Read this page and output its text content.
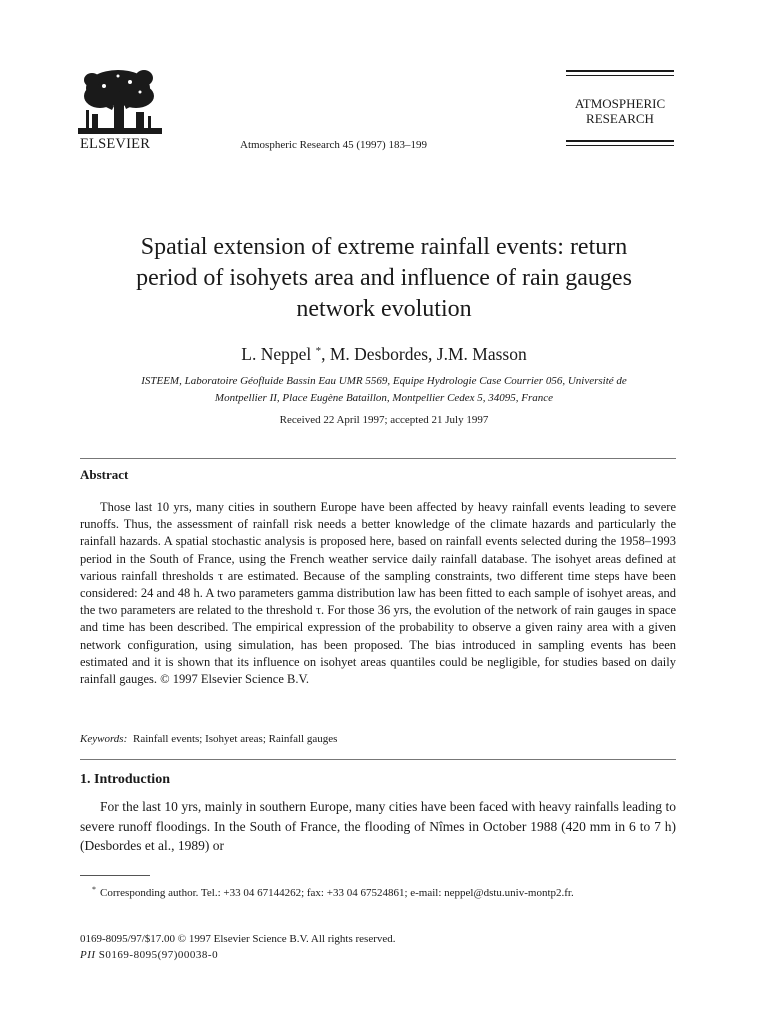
ELSEVIER	Atmospheric Research 45 (1997) 183–199
ATMOSPHERIC
RESEARCH
Spatial extension of extreme rainfall events: return
period of isohyets area and influence of rain gauges
network evolution
L. Neppel *, M. Desbordes, J.M. Masson
ISTEEM, Laboratoire Géofluide Bassin Eau UMR 5569, Equipe Hydrologie Case Courrier 056, Université de
Montpellier II, Place Eugène Bataillon, Montpellier Cedex 5, 34095, France
Received 22 April 1997; accepted 21 July 1997
Abstract
Those last 10 yrs, many cities in southern Europe have been affected by heavy rainfall events leading to severe runoffs. Thus, the assessment of rainfall risk needs a better knowledge of the climate hazards and particularly the rainfall hazards. A spatial stochastic analysis is proposed here, based on rainfall events selected during the 1958–1993 period in the South of France, using the French weather service daily rainfall database. The isohyet areas defined at various rainfall thresholds τ are estimated. Because of the sampling constraints, two different time steps have been considered: 24 and 48 h. A two parameters gamma distribution law has been fitted to each sample of isohyet areas, and the two parameters are related to the threshold τ. For those 36 yrs, the evolution of the network of rain gauges in space and time has been described. The empirical expression of the probability to observe a given rainy area with a given network configuration, using simulation, has been proposed. The bias introduced in sampling events has been estimated and it is shown that its influence on isohyet areas quantiles could be negligible, for studies based on daily rainfall gauges. © 1997 Elsevier Science B.V.
Keywords: Rainfall events; Isohyet areas; Rainfall gauges
1. Introduction
For the last 10 yrs, mainly in southern Europe, many cities have been faced with heavy rainfalls leading to severe runoff floodings. In the South of France, the flooding of Nîmes in October 1988 (420 mm in 6 to 7 h) (Desbordes et al., 1989) or
* Corresponding author. Tel.: +33 04 67144262; fax: +33 04 67524861; e-mail: neppel@dstu.univ-montp2.fr.
0169-8095/97/$17.00 © 1997 Elsevier Science B.V. All rights reserved.
PII S0169-8095(97)00038-0
